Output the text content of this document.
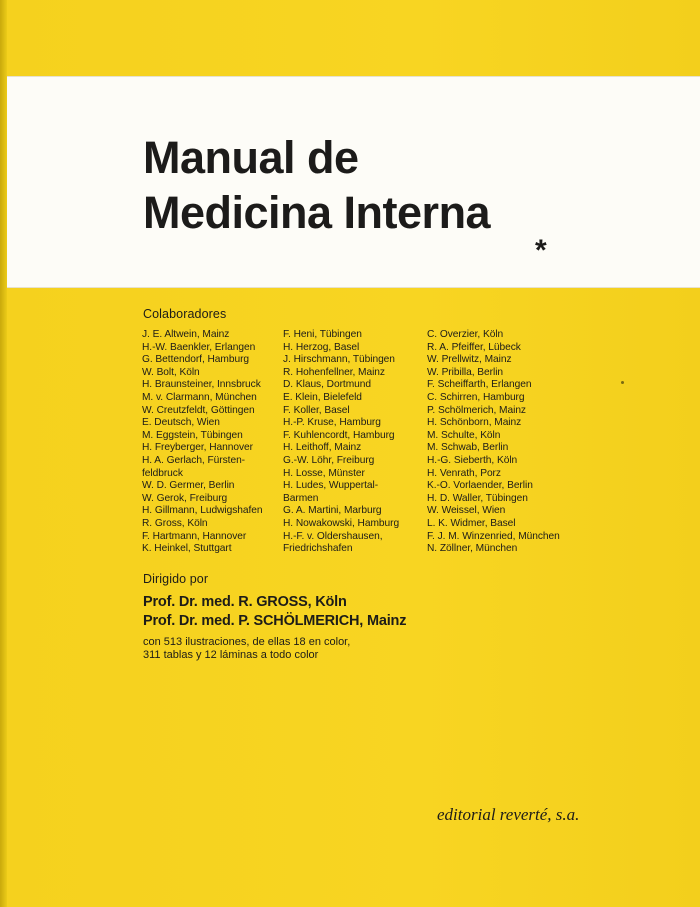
Manual de
Medicina Interna
*
Colaboradores
J. E. Altwein, Mainz
H.-W. Baenkler, Erlangen
G. Bettendorf, Hamburg
W. Bolt, Köln
H. Braunsteiner, Innsbruck
M. v. Clarmann, München
W. Creutzfeldt, Göttingen
E. Deutsch, Wien
M. Eggstein, Tübingen
H. Freyberger, Hannover
H. A. Gerlach, Fürsten-
feldbruck
W. D. Germer, Berlin
W. Gerok, Freiburg
H. Gillmann, Ludwigshafen
R. Gross, Köln
F. Hartmann, Hannover
K. Heinkel, Stuttgart
F. Heni, Tübingen
H. Herzog, Basel
J. Hirschmann, Tübingen
R. Hohenfellner, Mainz
D. Klaus, Dortmund
E. Klein, Bielefeld
F. Koller, Basel
H.-P. Kruse, Hamburg
F. Kuhlencordt, Hamburg
H. Leithoff, Mainz
G.-W. Löhr, Freiburg
H. Losse, Münster
H. Ludes, Wuppertal-
Barmen
G. A. Martini, Marburg
H. Nowakowski, Hamburg
H.-F. v. Oldershausen,
Friedrichshafen
C. Overzier, Köln
R. A. Pfeiffer, Lübeck
W. Prellwitz, Mainz
W. Pribilla, Berlin
F. Scheiffarth, Erlangen
C. Schirren, Hamburg
P. Schölmerich, Mainz
H. Schönborn, Mainz
M. Schulte, Köln
M. Schwab, Berlin
H.-G. Sieberth, Köln
H. Venrath, Porz
K.-O. Vorlaender, Berlin
H. D. Waller, Tübingen
W. Weissel, Wien
L. K. Widmer, Basel
F. J. M. Winzenried, München
N. Zöllner, München
Dirigido por
Prof. Dr. med. R. GROSS, Köln
Prof. Dr. med. P. SCHÖLMERICH, Mainz
con 513 ilustraciones, de ellas 18 en color,
311 tablas y 12 láminas a todo color
editorial reverté, s.a.
